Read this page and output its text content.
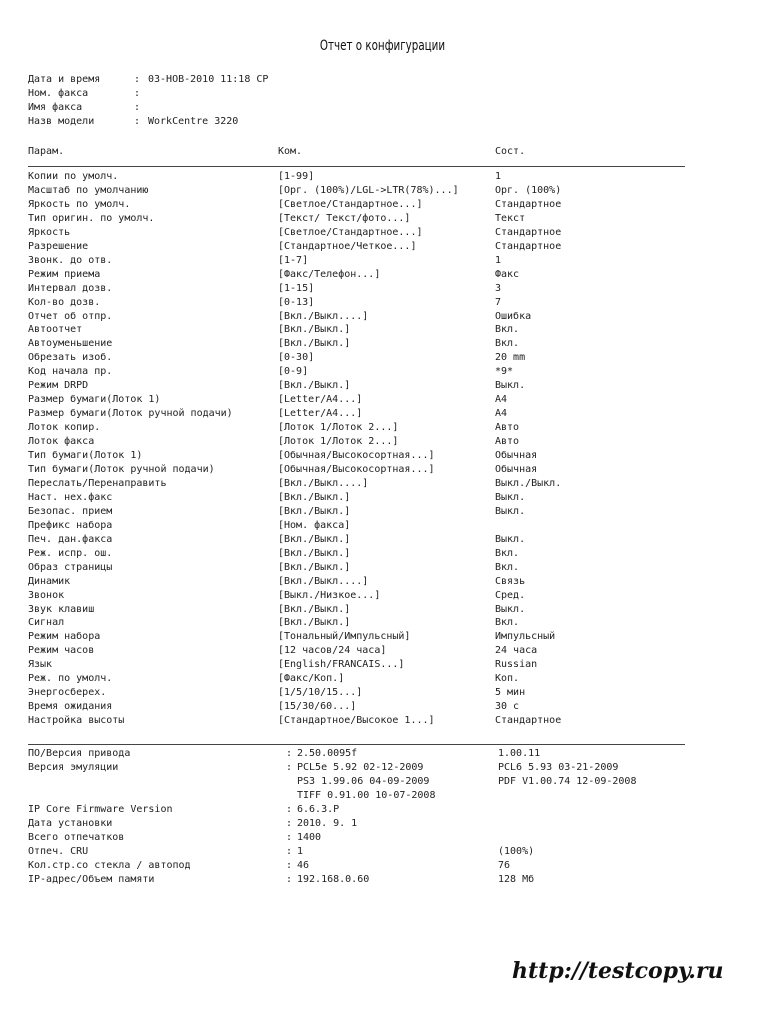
Отчет о конфигурации
Дата и время	: 03-НОВ-2010 11:18 СР
Ном. факса	:
Имя факса	:
Назв модели	: WorkCentre 3220
Парам.	Ком.	Сост.
Копии по умолч.	[1-99]	1
Масштаб по умолчанию	[Орг. (100%)/LGL->LTR(78%)...]	Орг. (100%)
Яркость по умолч.	[Светлое/Стандартное...]	Стандартное
Тип оригин. по умолч.	[Текст/ Текст/фото...]	Текст
Яркость	[Светлое/Стандартное...]	Стандартное
Разрешение	[Стандартное/Четкое...]	Стандартное
Звонк. до отв.	[1-7]	1
Режим приема	[Факс/Телефон...]	Факс
Интервал дозв.	[1-15]	3
Кол-во дозв.	[0-13]	7
Отчет об отпр.	[Вкл./Выкл....]	Ошибка
Автоотчет	[Вкл./Выкл.]	Вкл.
Автоуменьшение	[Вкл./Выкл.]	Вкл.
Обрезать изоб.	[0-30]	20 mm
Код начала пр.	[0-9]	*9*
Режим DRPD	[Вкл./Выкл.]	Выкл.
Размер бумаги(Лоток 1)	[Letter/A4...]	A4
Размер бумаги(Лоток ручной подачи)	[Letter/A4...]	A4
Лоток копир.	[Лоток 1/Лоток 2...]	Авто
Лоток факса	[Лоток 1/Лоток 2...]	Авто
Тип бумаги(Лоток 1)	[Обычная/Высокосортная...]	Обычная
Тип бумаги(Лоток ручной подачи)	[Обычная/Высокосортная...]	Обычная
Переслать/Перенаправить	[Вкл./Выкл....]	Выкл./Выкл.
Наст. нех.факс	[Вкл./Выкл.]	Выкл.
Безопас. прием	[Вкл./Выкл.]	Выкл.
Префикс набора	[Ном. факса]
Печ. дан.факса	[Вкл./Выкл.]	Выкл.
Реж. испр. ош.	[Вкл./Выкл.]	Вкл.
Образ страницы	[Вкл./Выкл.]	Вкл.
Динамик	[Вкл./Выкл....]	Связь
Звонок	[Выкл./Низкое...]	Сред.
Звук клавиш	[Вкл./Выкл.]	Выкл.
Сигнал	[Вкл./Выкл.]	Вкл.
Режим набора	[Тональный/Импульсный]	Импульсный
Режим часов	[12 часов/24 часа]	24 часа
Язык	[English/FRANCAIS...]	Russian
Реж. по умолч.	[Факс/Коп.]	Коп.
Энергосберех.	[1/5/10/15...]	5 мин
Время ожидания	[15/30/60...]	30 с
Настройка высоты	[Стандартное/Высокое 1...]	Стандартное
ПО/Версия привода	: 2.50.0095f	1.00.11
Версия эмуляции	: PCL5e 5.92 02-12-2009	PCL6 5.93 03-21-2009
PS3 1.99.06 04-09-2009	PDF V1.00.74 12-09-2008
TIFF 0.91.00 10-07-2008
IP Core Firmware Version	: 6.6.3.P
Дата установки	: 2010. 9. 1
Всего отпечатков	: 1400
Отпеч. CRU	: 1	(100%)
Кол.стр.со стекла / автопод	: 46	76
IP-адрес/Объем памяти	: 192.168.0.60	128 Мб
http://testcopy.ru
